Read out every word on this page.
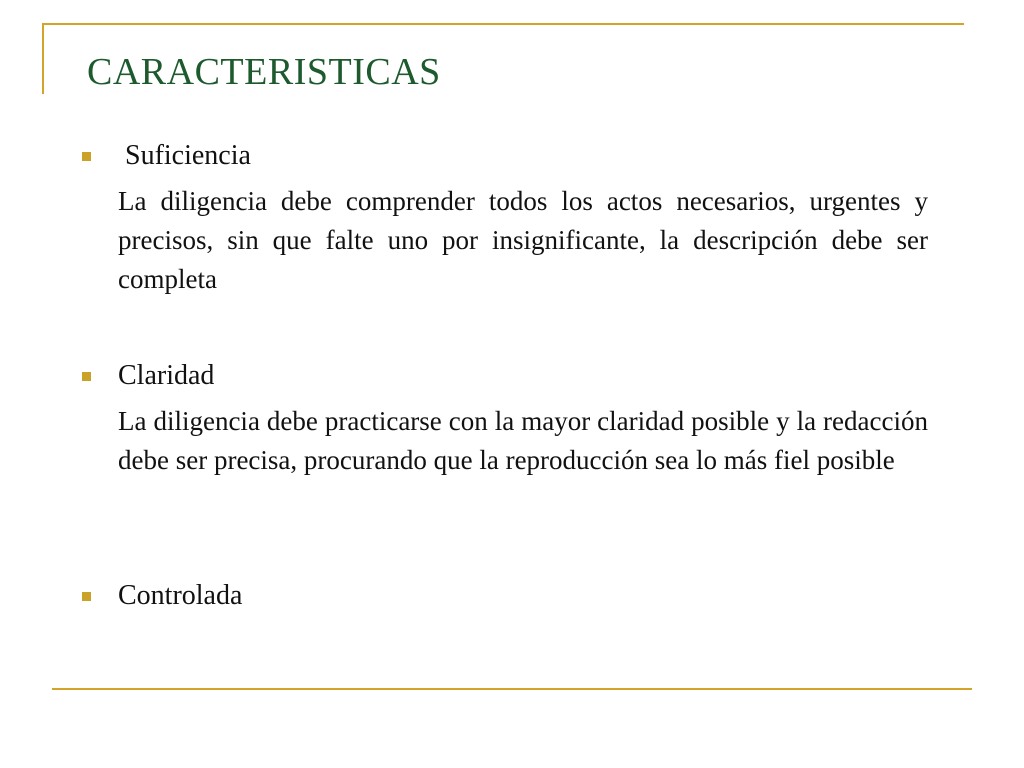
CARACTERISTICAS

Suficiencia

La diligencia debe comprender todos los actos necesarios, urgentes y precisos, sin que falte uno por insignificante, la descripción debe ser completa

Claridad

La diligencia debe practicarse con la mayor claridad posible y la redacción debe ser precisa, procurando que la reproducción sea lo más fiel posible

Controlada
